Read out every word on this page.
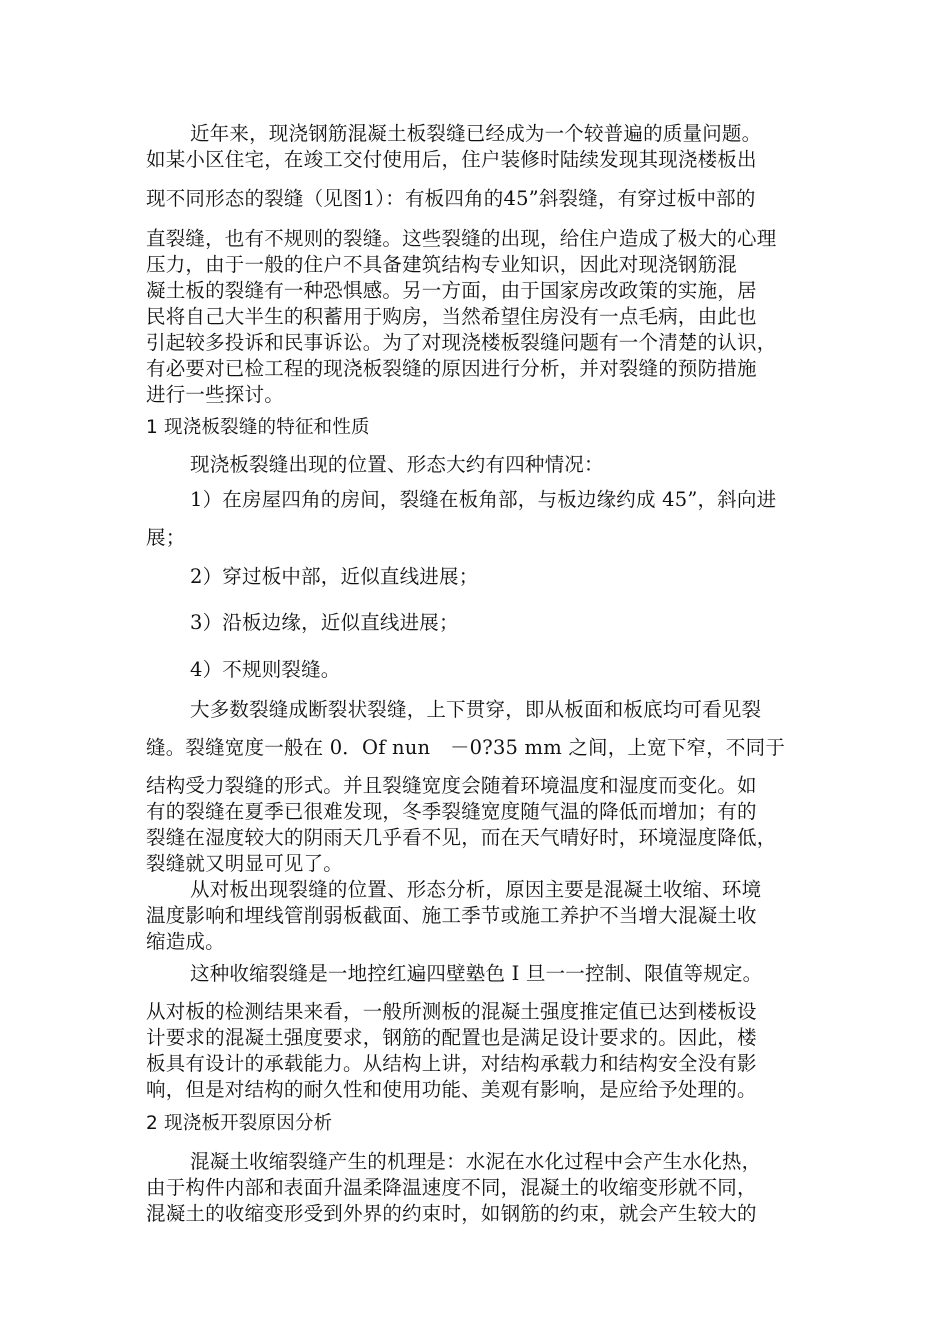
近年来，现浇钢筋混凝土板裂缝已经成为一个较普遍的质量问题。
如某小区住宅，在竣工交付使用后，住户装修时陆续发现其现浇楼板出
现不同形态的裂缝（见图1）：有板四角的45”斜裂缝，有穿过板中部的
直裂缝，也有不规则的裂缝。这些裂缝的出现，给住户造成了极大的心理
压力，由于一般的住户不具备建筑结构专业知识，因此对现浇钢筋混
凝土板的裂缝有一种恐惧感。另一方面，由于国家房改政策的实施，居
民将自己大半生的积蓄用于购房，当然希望住房没有一点毛病，由此也
引起较多投诉和民事诉讼。为了对现浇楼板裂缝问题有一个清楚的认识，
有必要对已检工程的现浇板裂缝的原因进行分析，并对裂缝的预防措施
进行一些探讨。
1 现浇板裂缝的特征和性质
现浇板裂缝出现的位置、形态大约有四种情况：
1）在房屋四角的房间，裂缝在板角部，与板边缘约成 45”，斜向进
展；
2）穿过板中部，近似直线进展；
3）沿板边缘，近似直线进展；
4）不规则裂缝。
大多数裂缝成断裂状裂缝，上下贯穿，即从板面和板底均可看见裂
缝。裂缝宽度一般在 0．Of nun　－0?35 mm 之间，上宽下窄，不同于
结构受力裂缝的形式。并且裂缝宽度会随着环境温度和湿度而变化。如
有的裂缝在夏季已很难发现，冬季裂缝宽度随气温的降低而增加；有的
裂缝在湿度较大的阴雨天几乎看不见，而在天气晴好时，环境湿度降低，
裂缝就又明显可见了。
从对板出现裂缝的位置、形态分析，原因主要是混凝土收缩、环境
温度影响和埋线管削弱板截面、施工季节或施工养护不当增大混凝土收
缩造成。
这种收缩裂缝是一地控红遍四壁塾色 I 旦一一控制、限值等规定。
从对板的检测结果来看，一般所测板的混凝土强度推定值已达到楼板设
计要求的混凝土强度要求，钢筋的配置也是满足设计要求的。因此，楼
板具有设计的承载能力。从结构上讲，对结构承载力和结构安全没有影
响，但是对结构的耐久性和使用功能、美观有影响，是应给予处理的。
2 现浇板开裂原因分析
混凝土收缩裂缝产生的机理是：水泥在水化过程中会产生水化热，
由于构件内部和表面升温柔降温速度不同，混凝土的收缩变形就不同，
混凝土的收缩变形受到外界的约束时，如钢筋的约束，就会产生较大的
